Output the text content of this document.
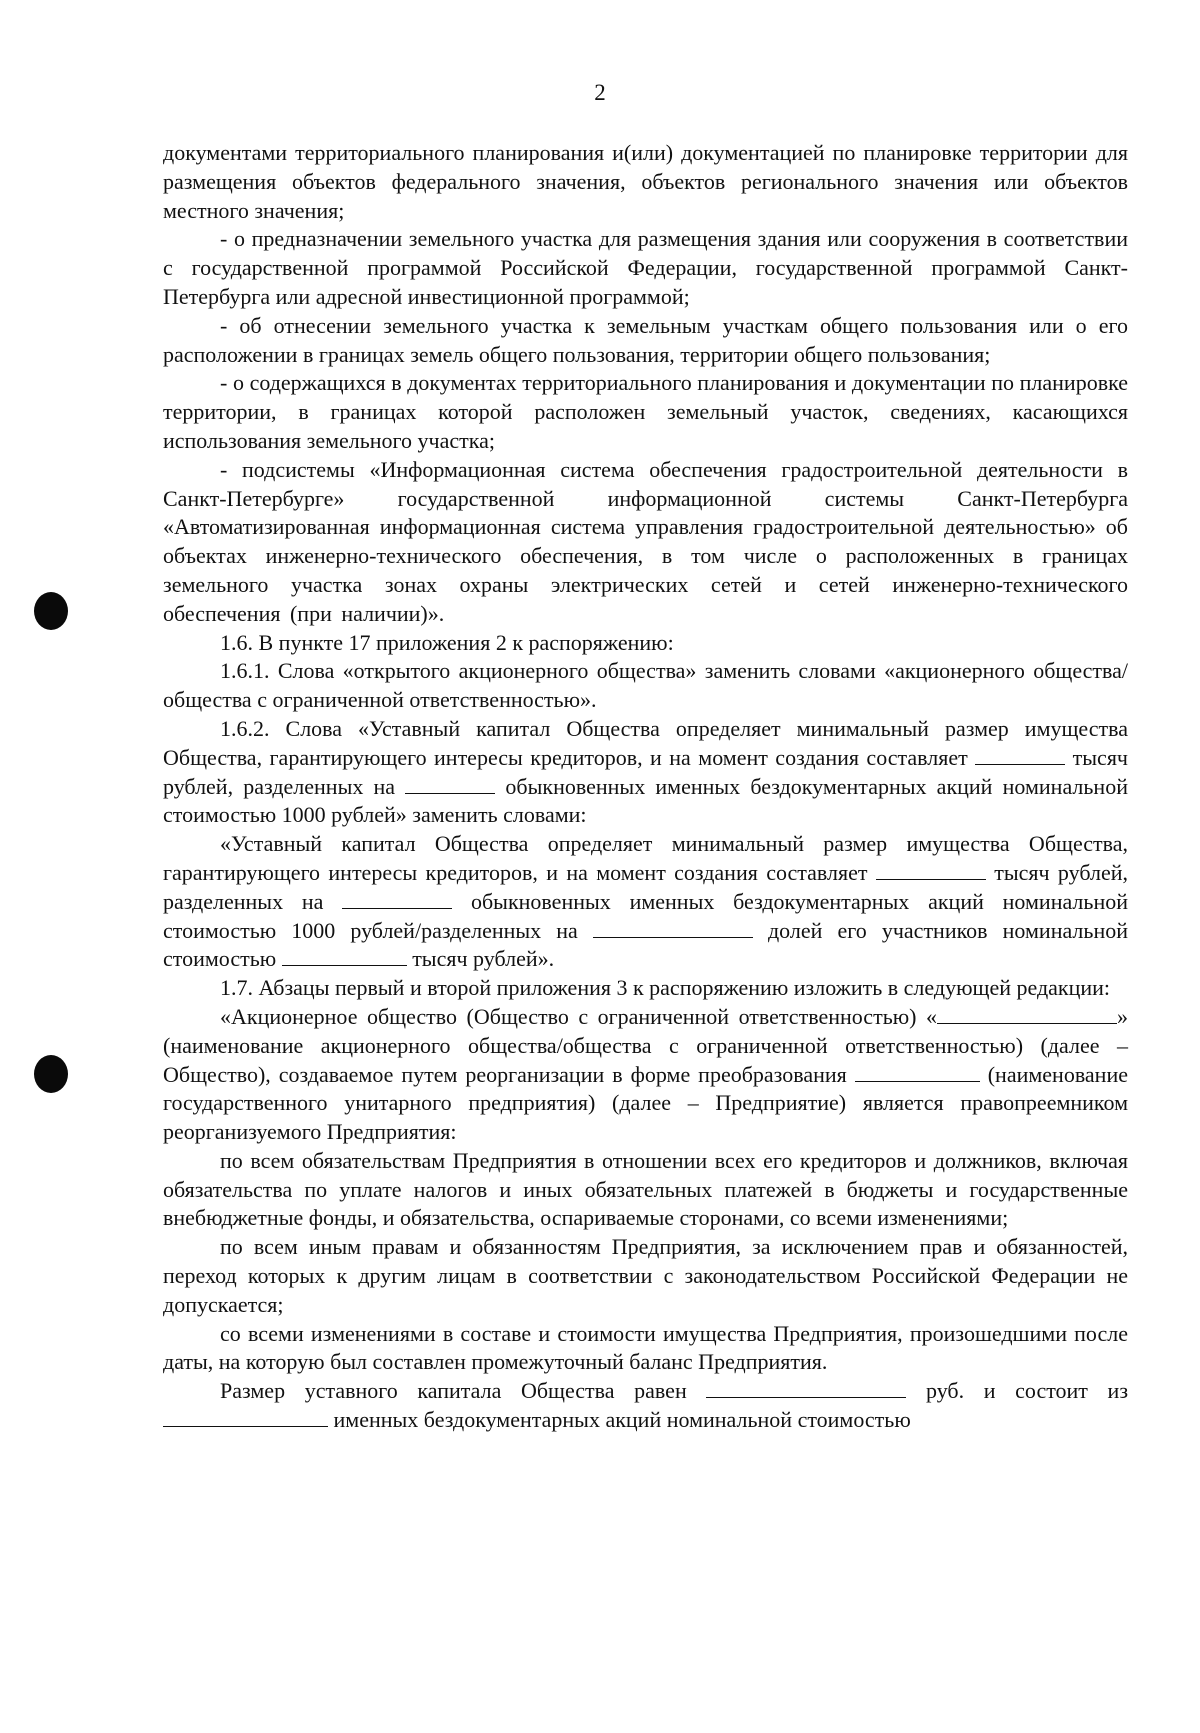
2

документами территориального планирования и(или) документацией по планировке территории для размещения объектов федерального значения, объектов регионального значения или объектов местного значения;

- о предназначении земельного участка для размещения здания или сооружения в соответствии с государственной программой Российской Федерации, государственной программой Санкт-Петербурга или адресной инвестиционной программой;

- об отнесении земельного участка к земельным участкам общего пользования или о его расположении в границах земель общего пользования, территории общего пользования;

- о содержащихся в документах территориального планирования и документации по планировке территории, в границах которой расположен земельный участок, сведениях, касающихся использования земельного участка;

- подсистемы «Информационная система обеспечения градостроительной деятельности в Санкт-Петербурге» государственной информационной системы Санкт-Петербурга «Автоматизированная информационная система управления градостроительной деятельностью» об объектах инженерно-технического обеспечения, в том числе о расположенных в границах земельного участка зонах охраны электрических сетей и сетей инженерно-технического обеспечения (при наличии)».

1.6. В пункте 17 приложения 2 к распоряжению:

1.6.1. Слова «открытого акционерного общества» заменить словами «акционерного общества/общества с ограниченной ответственностью».

1.6.2. Слова «Уставный капитал Общества определяет минимальный размер имущества Общества, гарантирующего интересы кредиторов, и на момент создания составляет	тысяч рублей, разделенных на	обыкновенных именных бездокументарных акций номинальной стоимостью 1000 рублей» заменить словами:

«Уставный капитал Общества определяет минимальный размер имущества Общества, гарантирующего интересы кредиторов, и на момент создания составляет	тысяч рублей, разделенных на	обыкновенных именных бездокументарных акций номинальной стоимостью 1000 рублей/разделенных на	долей его участников номинальной стоимостью	тысяч рублей».

1.7. Абзацы первый и второй приложения 3 к распоряжению изложить в следующей редакции:

«Акционерное общество (Общество с ограниченной ответственностью) «	» (наименование акционерного общества/общества с ограниченной ответственностью) (далее – Общество), создаваемое путем реорганизации в форме преобразования	(наименование государственного унитарного предприятия) (далее – Предприятие) является правопреемником реорганизуемого Предприятия:

по всем обязательствам Предприятия в отношении всех его кредиторов и должников, включая обязательства по уплате налогов и иных обязательных платежей в бюджеты и государственные внебюджетные фонды, и обязательства, оспариваемые сторонами, со всеми изменениями;

по всем иным правам и обязанностям Предприятия, за исключением прав и обязанностей, переход которых к другим лицам в соответствии с законодательством Российской Федерации не допускается;

со всеми изменениями в составе и стоимости имущества Предприятия, произошедшими после даты, на которую был составлен промежуточный баланс Предприятия.

Размер уставного капитала Общества равен	руб. и состоит из  именных бездокументарных акций номинальной стоимостью
